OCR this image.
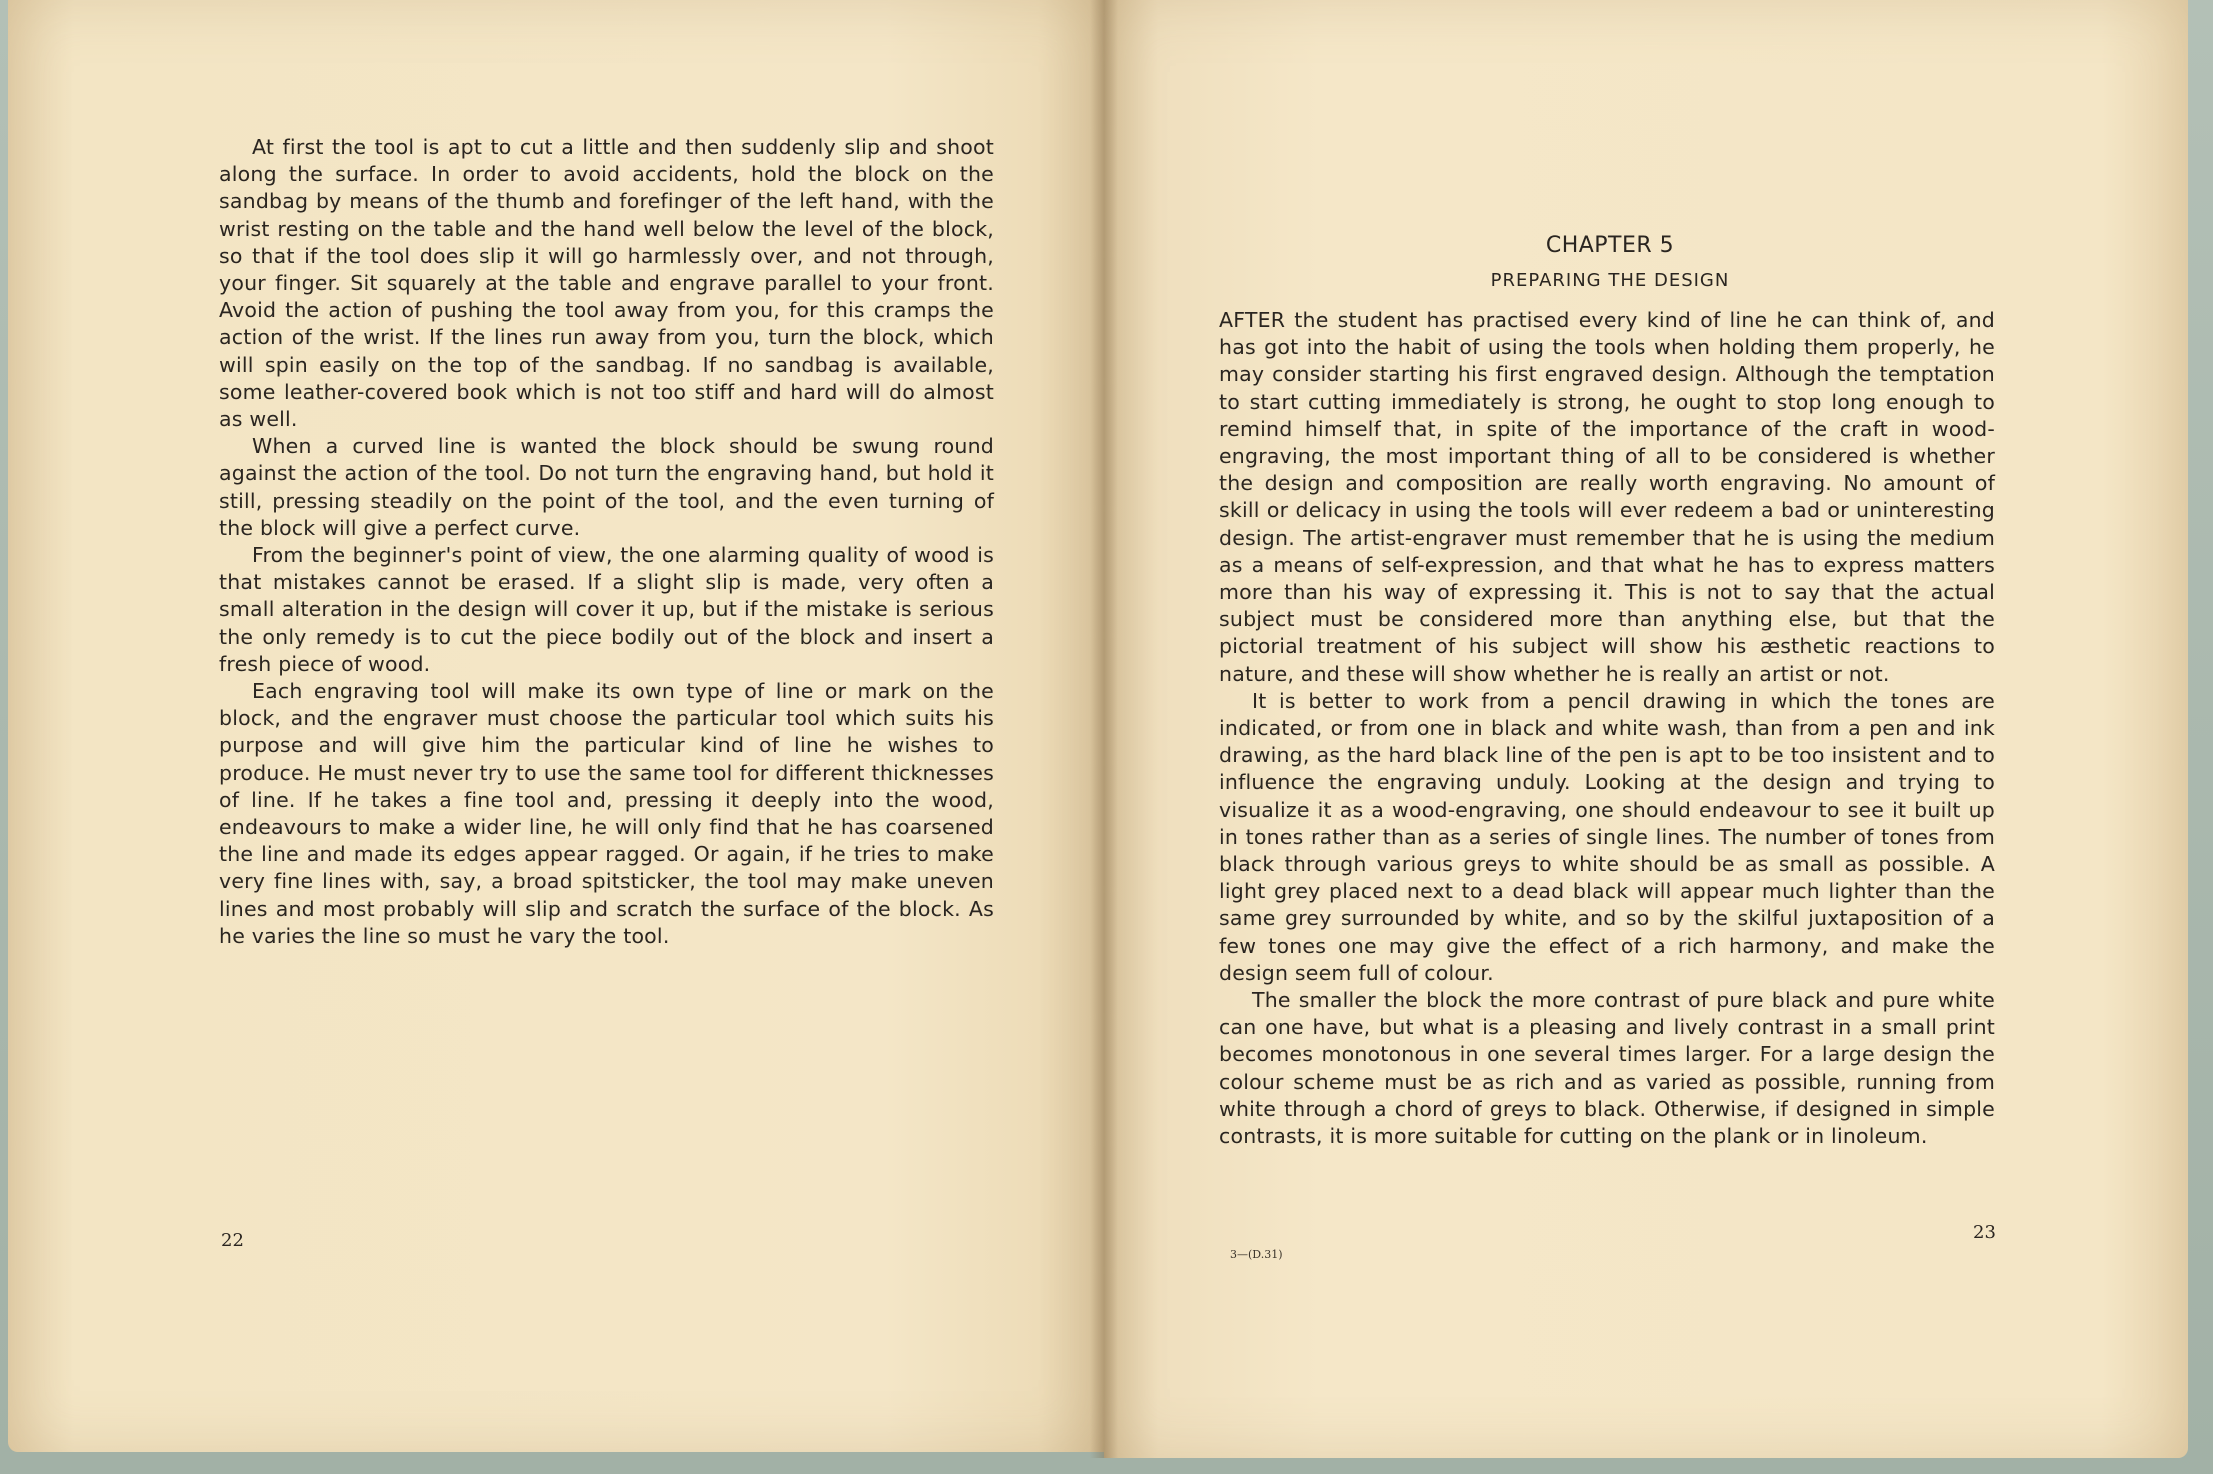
At first the tool is apt to cut a little and then suddenly slip and shoot along the surface. In order to avoid accidents, hold the block on the sandbag by means of the thumb and forefinger of the left hand, with the wrist resting on the table and the hand well below the level of the block, so that if the tool does slip it will go harmlessly over, and not through, your finger. Sit squarely at the table and engrave parallel to your front. Avoid the action of pushing the tool away from you, for this cramps the action of the wrist. If the lines run away from you, turn the block, which will spin easily on the top of the sandbag. If no sandbag is available, some leather-covered book which is not too stiff and hard will do almost as well.

When a curved line is wanted the block should be swung round against the action of the tool. Do not turn the engraving hand, but hold it still, pressing steadily on the point of the tool, and the even turning of the block will give a perfect curve.

From the beginner's point of view, the one alarming quality of wood is that mistakes cannot be erased. If a slight slip is made, very often a small alteration in the design will cover it up, but if the mistake is serious the only remedy is to cut the piece bodily out of the block and insert a fresh piece of wood.

Each engraving tool will make its own type of line or mark on the block, and the engraver must choose the particular tool which suits his purpose and will give him the particular kind of line he wishes to produce. He must never try to use the same tool for different thicknesses of line. If he takes a fine tool and, pressing it deeply into the wood, endeavours to make a wider line, he will only find that he has coarsened the line and made its edges appear ragged. Or again, if he tries to make very fine lines with, say, a broad spitsticker, the tool may make uneven lines and most probably will slip and scratch the surface of the block. As he varies the line so must he vary the tool.

22
CHAPTER 5
PREPARING THE DESIGN

AFTER the student has practised every kind of line he can think of, and has got into the habit of using the tools when holding them properly, he may consider starting his first engraved design. Although the temptation to start cutting immediately is strong, he ought to stop long enough to remind himself that, in spite of the importance of the craft in wood-engraving, the most important thing of all to be considered is whether the design and composition are really worth engraving. No amount of skill or delicacy in using the tools will ever redeem a bad or uninteresting design. The artist-engraver must remember that he is using the medium as a means of self-expression, and that what he has to express matters more than his way of expressing it. This is not to say that the actual subject must be considered more than anything else, but that the pictorial treatment of his subject will show his æsthetic reactions to nature, and these will show whether he is really an artist or not.

It is better to work from a pencil drawing in which the tones are indicated, or from one in black and white wash, than from a pen and ink drawing, as the hard black line of the pen is apt to be too insistent and to influence the engraving unduly. Looking at the design and trying to visualize it as a wood-engraving, one should endeavour to see it built up in tones rather than as a series of single lines. The number of tones from black through various greys to white should be as small as possible. A light grey placed next to a dead black will appear much lighter than the same grey surrounded by white, and so by the skilful juxtaposition of a few tones one may give the effect of a rich harmony, and make the design seem full of colour.

The smaller the block the more contrast of pure black and pure white can one have, but what is a pleasing and lively contrast in a small print becomes monotonous in one several times larger. For a large design the colour scheme must be as rich and as varied as possible, running from white through a chord of greys to black. Otherwise, if designed in simple contrasts, it is more suitable for cutting on the plank or in linoleum.

23
3—(D.31)
